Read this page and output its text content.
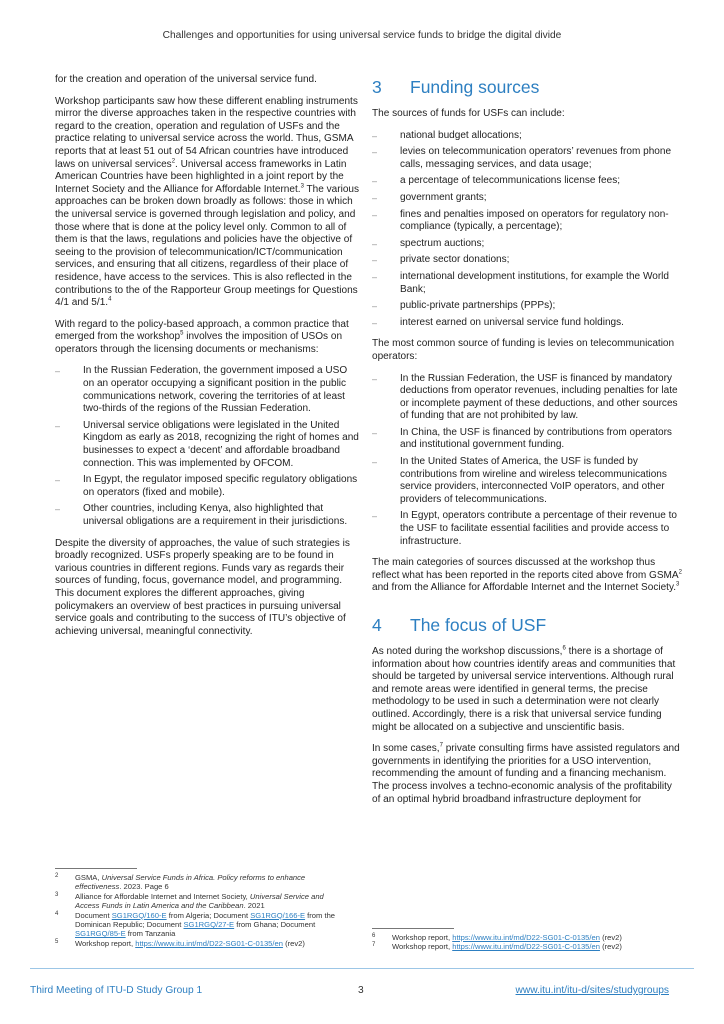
Challenges and opportunities for using universal service funds to bridge the digital divide

for the creation and operation of the universal service fund.

Workshop participants saw how these different enabling instruments mirror the diverse approaches taken in the respective countries with regard to the creation, operation and regulation of USFs and the practice relating to universal service across the world. Thus, GSMA reports that at least 51 out of 54 African countries have introduced laws on universal services$^2$. Universal access frameworks in Latin American Countries have been highlighted in a joint report by the Internet Society and the Alliance for Affordable Internet.$^3$ The various approaches can be broken down broadly as follows: those in which the universal service is governed through legislation and policy, and those where that is done at the policy level only. Common to all of them is that the laws, regulations and policies have the objective of seeing to the provision of telecommunication/ICT/communication services, and ensuring that all citizens, regardless of their place of residence, have access to the services. This is also reflected in the contributions to the of the Rapporteur Group meetings for Questions 4/1 and 5/1.$^4$

With regard to the policy-based approach, a common practice that emerged from the workshop$^5$ involves the imposition of USOs on operators through the licensing documents or mechanisms:

– In the Russian Federation, the government imposed a USO on an operator occupying a significant position in the public communications network, covering the territories of at least two-thirds of the regions of the Russian Federation.
– Universal service obligations were legislated in the United Kingdom as early as 2018, recognizing the right of homes and businesses to expect a ‘decent’ and affordable broadband connection. This was implemented by OFCOM.
– In Egypt, the regulator imposed specific regulatory obligations on operators (fixed and mobile).
– Other countries, including Kenya, also highlighted that universal obligations are a requirement in their jurisdictions.

Despite the diversity of approaches, the value of such strategies is broadly recognized. USFs properly speaking are to be found in various countries in different regions. Funds vary as regards their sources of funding, focus, governance model, and programming. This document explores the different approaches, giving policymakers an overview of best practices in pursuing universal service goals and contributing to the success of ITU’s objective of achieving universal, meaningful connectivity.

3 Funding sources

The sources of funds for USFs can include:

– national budget allocations;
– levies on telecommunication operators’ revenues from phone calls, messaging services, and data usage;
– a percentage of telecommunications license fees;
– government grants;
– fines and penalties imposed on operators for regulatory non-compliance (typically, a percentage);
– spectrum auctions;
– private sector donations;
– international development institutions, for example the World Bank;
– public-private partnerships (PPPs);
– interest earned on universal service fund holdings.

The most common source of funding is levies on telecommunication operators:

– In the Russian Federation, the USF is financed by mandatory deductions from operator revenues, including penalties for late or incomplete payment of these deductions, and other sources of funding that are not prohibited by law.
– In China, the USF is financed by contributions from operators and institutional government funding.
– In the United States of America, the USF is funded by contributions from wireline and wireless telecommunications service providers, interconnected VoIP operators, and other providers of telecommunications.
– In Egypt, operators contribute a percentage of their revenue to the USF to facilitate essential facilities and provide access to infrastructure.

The main categories of sources discussed at the workshop thus reflect what has been reported in the reports cited above from GSMA$^2$ and from the Alliance for Affordable Internet and the Internet Society.$^3$

4 The focus of USF

As noted during the workshop discussions,$^6$ there is a shortage of information about how countries identify areas and communities that should be targeted by universal service interventions. Although rural and remote areas were identified in general terms, the precise methodology to be used in such a determination were not clearly outlined. Accordingly, there is a risk that universal service funding might be allocated on a subjective and unscientific basis.

In some cases,$^7$ private consulting firms have assisted regulators and governments in identifying the priorities for a USO intervention, recommending the amount of funding and a financing mechanism. The process involves a techno-economic analysis of the profitability of an optimal hybrid broadband infrastructure deployment for

2 GSMA, Universal Service Funds in Africa. Policy reforms to enhance effectiveness. 2023. Page 6
3 Alliance for Affordable Internet and Internet Society, Universal Service and Access Funds in Latin America and the Caribbean. 2021
4 Document SG1RGQ/160-E from Algeria; Document SG1RGQ/166-E from the Dominican Republic; Document SG1RGQ/27-E from Ghana; Document SG1RGQ/85-E from Tanzania
5 Workshop report, https://www.itu.int/md/D22-SG01-C-0135/en (rev2)
6 Workshop report, https://www.itu.int/md/D22-SG01-C-0135/en (rev2)
7 Workshop report, https://www.itu.int/md/D22-SG01-C-0135/en (rev2)
Third Meeting of ITU-D Study Group 1	3	www.itu.int/itu-d/sites/studygroups
